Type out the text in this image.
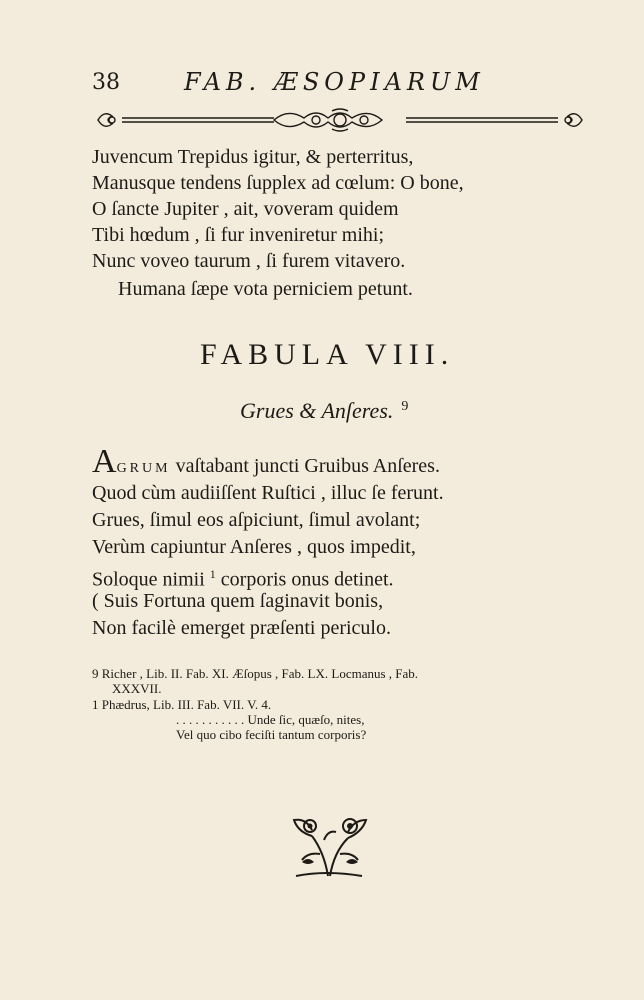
38	FAB. ÆSOPIARUM
Juvencum Trepidus igitur, & perterritus,
Manusque tendens ſupplex ad cœlum: O bone,
O ſancte Jupiter , ait, voveram quidem
Tibi hœdum , ſi fur inveniretur mihi;
Nunc voveo taurum , ſi furem vitavero.
Humana ſæpe vota perniciem petunt.
FABULA VIII.
Grues & Anſeres. $^9$
AGRUM vaſtabant juncti Gruibus Anſeres.
Quod cùm audiiſſent Ruſtici , illuc ſe ferunt.
Grues, ſimul eos aſpiciunt, ſimul avolant;
Verùm capiuntur Anſeres , quos impedit,
Soloque nimii $^1$ corporis onus detinet.
( Suis Fortuna quem ſaginavit bonis,
Non facilè emerget præſenti periculo.
9 Richer , Lib. II. Fab. XI. Æſopus , Fab. LX. Locmanus , Fab.
XXXVII.
1 Phædrus, Lib. III. Fab. VII. V. 4.
. . . . . . . . . . . Unde ſic, quæſo, nites,
Vel quo cibo feciſti tantum corporis?
